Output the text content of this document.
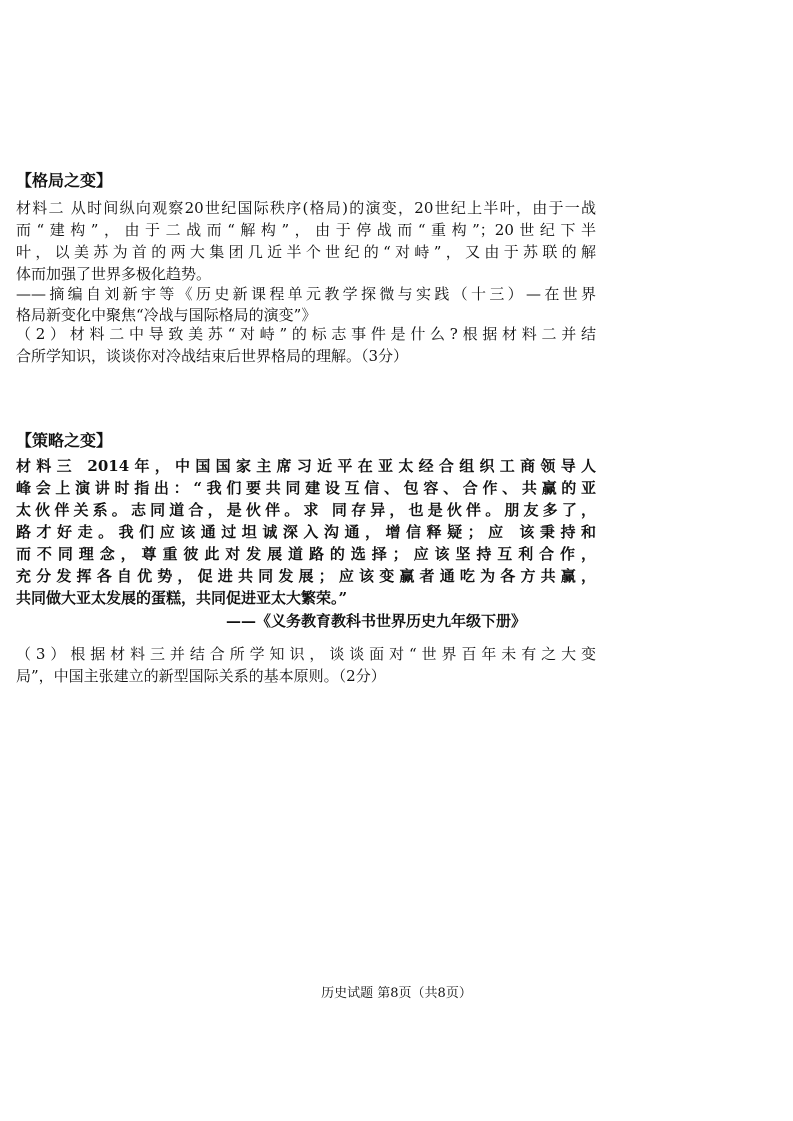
【格局之变】
材料二 从时间纵向观察20世纪国际秩序(格局)的演变，20世纪上半叶，由于一战
而“建构”，由于二战而“解构”，由于停战而“重构”；20世纪下半
叶，以美苏为首的两大集团几近半个世纪的“对峙”，又由于苏联的解
体而加强了世界多极化趋势。
——摘编自刘新宇等《历史新课程单元教学探微与实践（十三）—在世界
格局新变化中聚焦“冷战与国际格局的演变”》
（2）材料二中导致美苏“对峙”的标志事件是什么?根据材料二并结
合所学知识，谈谈你对冷战结束后世界格局的理解。（3分）
【策略之变】
材料三 2014年，中国国家主席习近平在亚太经合组织工商领导人
峰会上演讲时指出：“我们要共同建设互信、包容、合作、共赢的亚
太伙伴关系。志同道合，是伙伴。求 同存异，也是伙伴。朋友多了，
路才好走。我们应该通过坦诚深入沟通，增信释疑；应 该秉持和
而不同理念，尊重彼此对发展道路的选择；应该坚持互利合作，
充分发挥各自优势，促进共同发展；应该变赢者通吃为各方共赢，
共同做大亚太发展的蛋糕，共同促进亚太大繁荣。”
——《义务教育教科书世界历史九年级下册》
（3）根据材料三并结合所学知识，谈谈面对“世界百年未有之大变
局”，中国主张建立的新型国际关系的基本原则。（2分）
历史试题 第8页（共8页）
